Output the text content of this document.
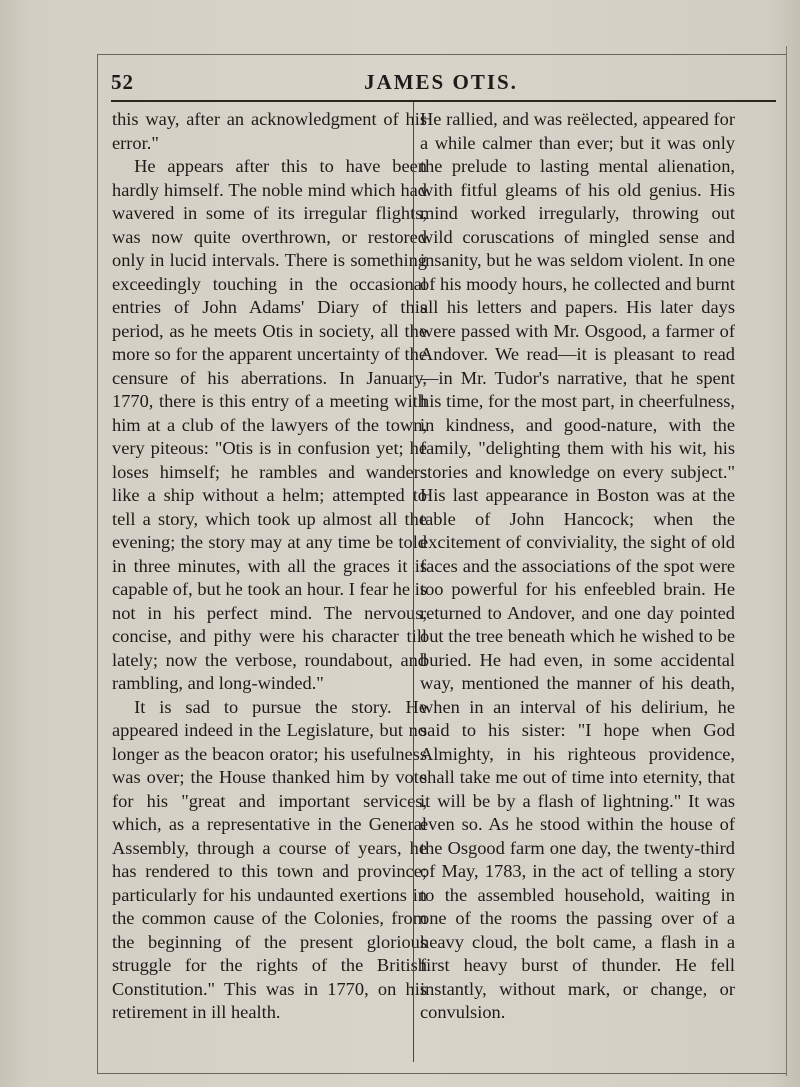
52	JAMES OTIS.

this way, after an acknowledgment of his error."

He appears after this to have been hardly himself. The noble mind which had wavered in some of its irregular flights, was now quite overthrown, or restored only in lucid intervals. There is something exceedingly touching in the occasional entries of John Adams' Diary of this period, as he meets Otis in society, all the more so for the apparent uncertainty of the censure of his aberrations. In January, 1770, there is this entry of a meeting with him at a club of the lawyers of the town, very piteous: "Otis is in confusion yet; he loses himself; he rambles and wanders like a ship without a helm; attempted to tell a story, which took up almost all the evening; the story may at any time be told in three minutes, with all the graces it is capable of, but he took an hour. I fear he is not in his perfect mind. The nervous, concise, and pithy were his character till lately; now the verbose, roundabout, and rambling, and long-winded."

It is sad to pursue the story. He appeared indeed in the Legislature, but no longer as the beacon orator; his usefulness was over; the House thanked him by vote for his "great and important services, which, as a representative in the General Assembly, through a course of years, he has rendered to this town and province; particularly for his undaunted exertions in the common cause of the Colonies, from the beginning of the present glorious struggle for the rights of the British Constitution." This was in 1770, on his retirement in ill health.

He rallied, and was reëlected, appeared for a while calmer than ever; but it was only the prelude to lasting mental alienation, with fitful gleams of his old genius. His mind worked irregularly, throwing out wild coruscations of mingled sense and insanity, but he was seldom violent. In one of his moody hours, he collected and burnt all his letters and papers. His later days were passed with Mr. Osgood, a farmer of Andover. We read—it is pleasant to read—in Mr. Tudor's narrative, that he spent his time, for the most part, in cheerfulness, in kindness, and good-nature, with the family, "delighting them with his wit, his stories and knowledge on every subject." His last appearance in Boston was at the table of John Hancock; when the excitement of conviviality, the sight of old faces and the associations of the spot were too powerful for his enfeebled brain. He returned to Andover, and one day pointed out the tree beneath which he wished to be buried. He had even, in some accidental way, mentioned the manner of his death, when in an interval of his delirium, he said to his sister: "I hope when God Almighty, in his righteous providence, shall take me out of time into eternity, that it will be by a flash of lightning." It was even so. As he stood within the house of the Osgood farm one day, the twenty-third of May, 1783, in the act of telling a story to the assembled household, waiting in one of the rooms the passing over of a heavy cloud, the bolt came, a flash in a first heavy burst of thunder. He fell instantly, without mark, or change, or convulsion.
